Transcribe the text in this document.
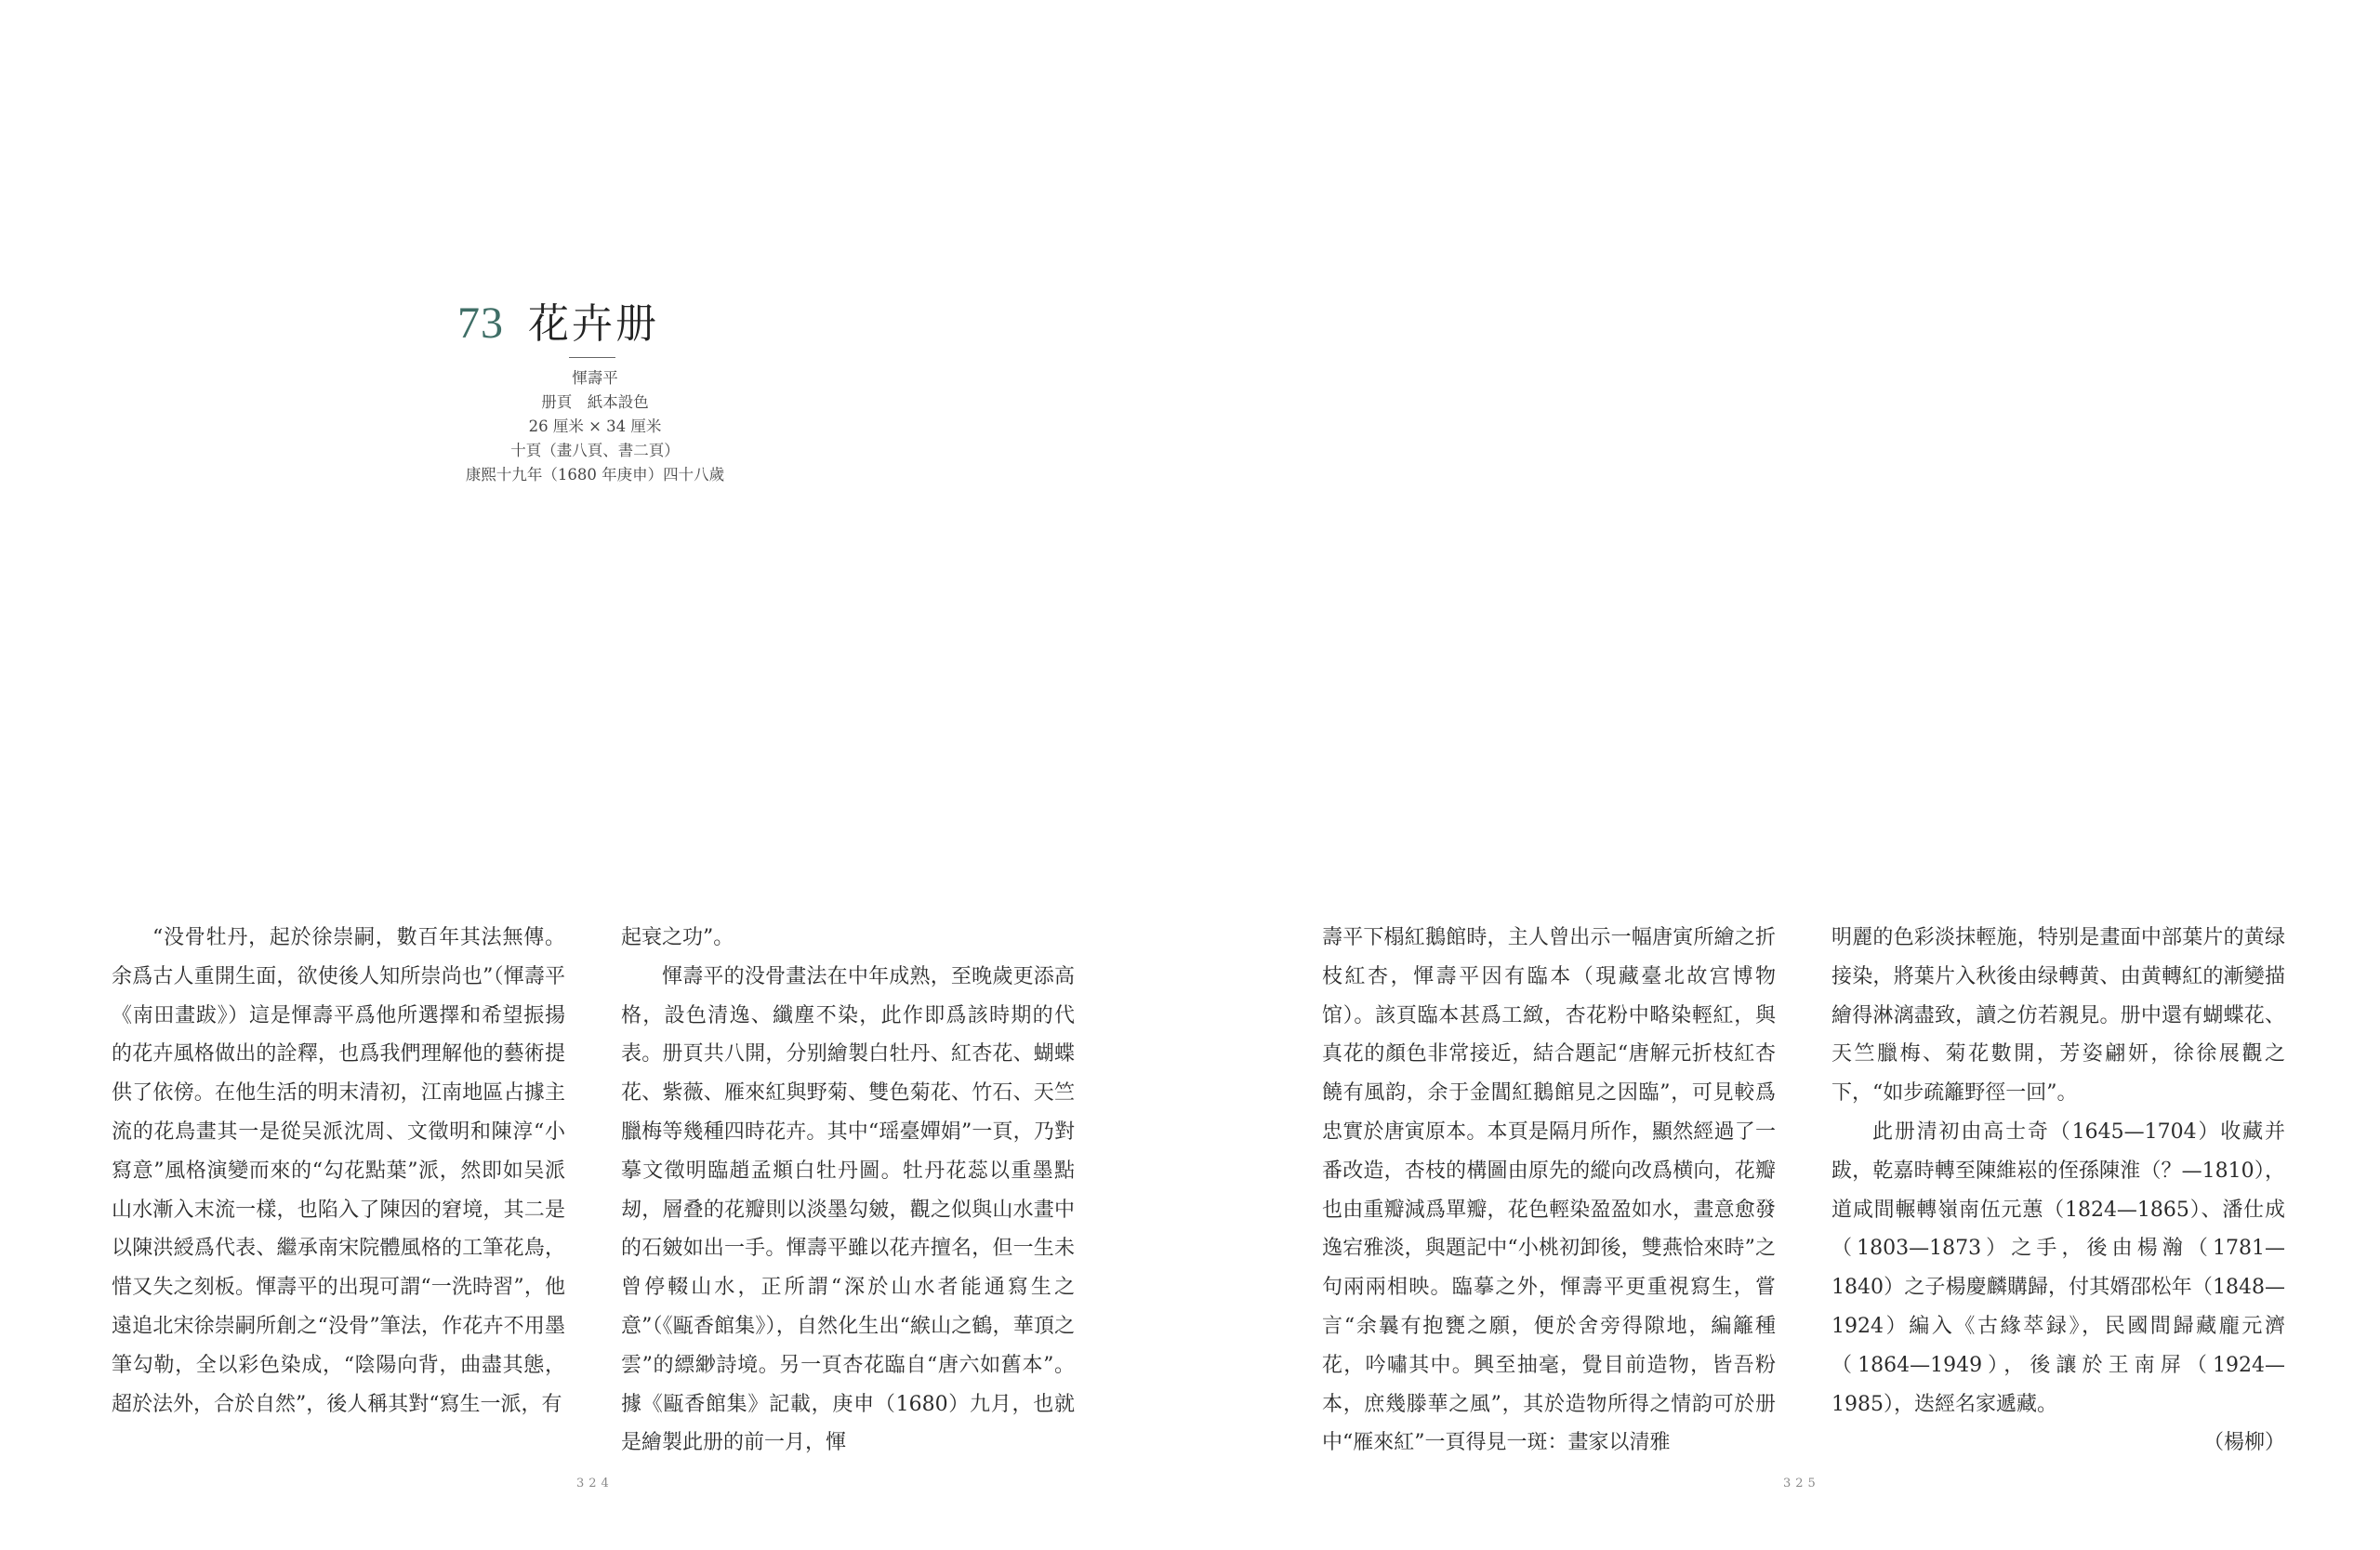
73 花卉册
惲壽平
册頁　紙本設色
26 厘米 × 34 厘米
十頁（畫八頁、書二頁）
康熙十九年（1680 年庚申）四十八歲

“没骨牡丹，起於徐崇嗣，數百年其法無傳。余爲古人重開生面，欲使後人知所崇尚也”（惲壽平《南田畫跋》）這是惲壽平爲他所選擇和希望振揚的花卉風格做出的詮釋，也爲我們理解他的藝術提供了依傍。在他生活的明末清初，江南地區占據主流的花鳥畫其一是從吴派沈周、文徵明和陳淳“小寫意”風格演變而來的“勾花點葉”派，然即如吴派山水漸入末流一樣，也陷入了陳因的窘境，其二是以陳洪綬爲代表、繼承南宋院體風格的工筆花鳥，惜又失之刻板。惲壽平的出現可謂“一洗時習”，他遠追北宋徐崇嗣所創之“没骨”筆法，作花卉不用墨筆勾勒，全以彩色染成，“陰陽向背，曲盡其態，超於法外，合於自然”，後人稱其對“寫生一派，有

起衰之功”。

惲壽平的没骨畫法在中年成熟，至晚歲更添高格，設色清逸、纖塵不染，此作即爲該時期的代表。册頁共八開，分别繪製白牡丹、紅杏花、蝴蝶花、紫薇、雁來紅與野菊、雙色菊花、竹石、天竺臘梅等幾種四時花卉。其中“瑶臺嬋娟”一頁，乃對摹文徵明臨趙孟頫白牡丹圖。牡丹花蕊以重墨點刼，層叠的花瓣則以淡墨勾皴，觀之似與山水畫中的石皴如出一手。惲壽平雖以花卉擅名，但一生未曾停輟山水，正所謂“深於山水者能通寫生之意”（《甌香館集》），自然化生出“緱山之鶴，華頂之雲”的縹緲詩境。另一頁杏花臨自“唐六如舊本”。據《甌香館集》記載，庚申（1680）九月，也就是繪製此册的前一月，惲

壽平下榻紅鵝館時，主人曾出示一幅唐寅所繪之折枝紅杏，惲壽平因有臨本（現藏臺北故宫博物馆）。該頁臨本甚爲工緻，杏花粉中略染輕紅，與真花的顏色非常接近，結合題記“唐解元折枝紅杏饒有風韵，余于金閶紅鵝館見之因臨”，可見較爲忠實於唐寅原本。本頁是隔月所作，顯然經過了一番改造，杏枝的構圖由原先的縱向改爲横向，花瓣也由重瓣減爲單瓣，花色輕染盈盈如水，畫意愈發逸宕雅淡，與題記中“小桃初卸後，雙燕恰來時”之句兩兩相映。臨摹之外，惲壽平更重視寫生，嘗言“余曩有抱甕之願，便於舍旁得隙地，編籬種花，吟嘯其中。興至抽毫，覺目前造物，皆吾粉本，庶幾滕華之風”，其於造物所得之情韵可於册中“雁來紅”一頁得見一斑：畫家以清雅

明麗的色彩淡抹輕施，特别是畫面中部葉片的黄绿接染，將葉片入秋後由绿轉黄、由黄轉紅的漸變描繪得淋漓盡致，讀之仿若親見。册中還有蝴蝶花、天竺臘梅、菊花數開，芳姿翩妍，徐徐展觀之下，“如步疏籬野徑一回”。

此册清初由高士奇（1645—1704）收藏并跋，乾嘉時轉至陳維崧的侄孫陳淮（？—1810），道咸間輾轉嶺南伍元蕙（1824—1865）、潘仕成（1803—1873）之手，後由楊瀚（1781—1840）之子楊慶麟購歸，付其婿邵松年（1848—1924）編入《古緣萃録》，民國間歸藏龐元濟（1864—1949），後讓於王南屏（1924—1985），迭經名家遞藏。

（楊柳）

324	325
